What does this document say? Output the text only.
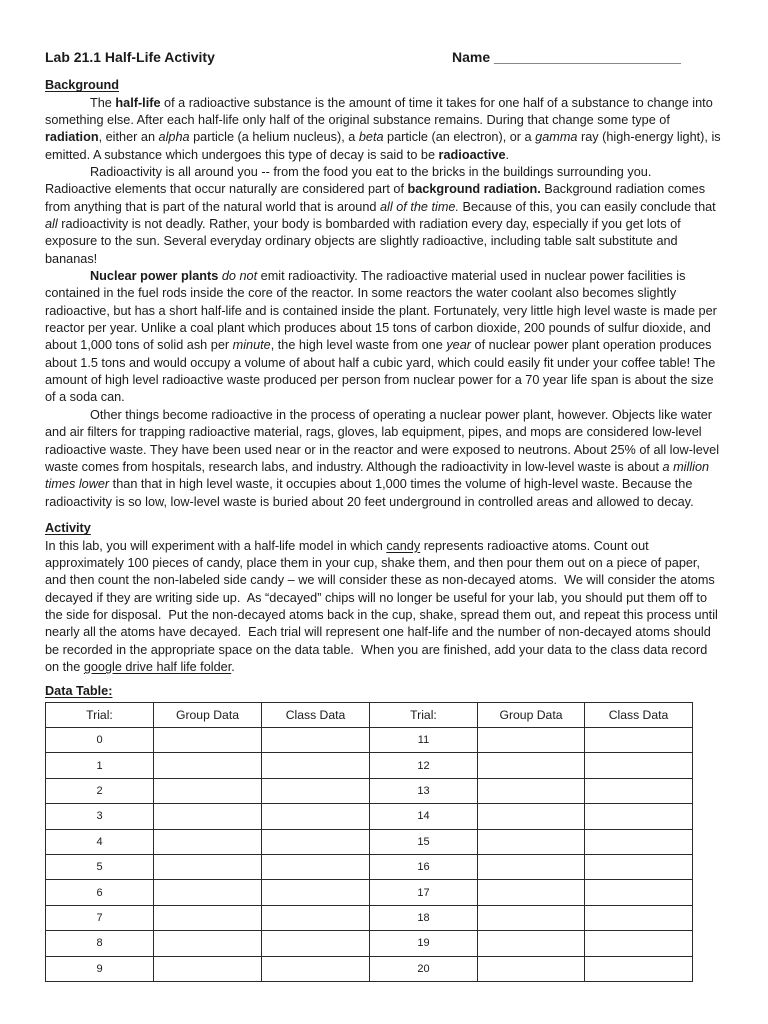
Lab 21.1 Half-Life Activity	Name ________________________
Background
The half-life of a radioactive substance is the amount of time it takes for one half of a substance to change into
something else. After each half-life only half of the original substance remains. During that change some type of
radiation, either an alpha particle (a helium nucleus), a beta particle (an electron), or a gamma ray (high-energy light), is
emitted. A substance which undergoes this type of decay is said to be radioactive.
Radioactivity is all around you -- from the food you eat to the bricks in the buildings surrounding you.
Radioactive elements that occur naturally are considered part of background radiation. Background radiation comes
from anything that is part of the natural world that is around all of the time. Because of this, you can easily conclude that
all radioactivity is not deadly. Rather, your body is bombarded with radiation every day, especially if you get lots of
exposure to the sun. Several everyday ordinary objects are slightly radioactive, including table salt substitute and
bananas!
Nuclear power plants do not emit radioactivity. The radioactive material used in nuclear power facilities is
contained in the fuel rods inside the core of the reactor. In some reactors the water coolant also becomes slightly
radioactive, but has a short half-life and is contained inside the plant. Fortunately, very little high level waste is made per
reactor per year. Unlike a coal plant which produces about 15 tons of carbon dioxide, 200 pounds of sulfur dioxide, and
about 1,000 tons of solid ash per minute, the high level waste from one year of nuclear power plant operation produces
about 1.5 tons and would occupy a volume of about half a cubic yard, which could easily fit under your coffee table! The
amount of high level radioactive waste produced per person from nuclear power for a 70 year life span is about the size
of a soda can.
Other things become radioactive in the process of operating a nuclear power plant, however. Objects like water
and air filters for trapping radioactive material, rags, gloves, lab equipment, pipes, and mops are considered low-level
radioactive waste. They have been used near or in the reactor and were exposed to neutrons. About 25% of all low-level
waste comes from hospitals, research labs, and industry. Although the radioactivity in low-level waste is about a million
times lower than that in high level waste, it occupies about 1,000 times the volume of high-level waste. Because the
radioactivity is so low, low-level waste is buried about 20 feet underground in controlled areas and allowed to decay.
Activity
In this lab, you will experiment with a half-life model in which candy represents radioactive atoms. Count out
approximately 100 pieces of candy, place them in your cup, shake them, and then pour them out on a piece of paper,
and then count the non-labeled side candy – we will consider these as non-decayed atoms.  We will consider the atoms
decayed if they are writing side up.  As “decayed” chips will no longer be useful for your lab, you should put them off to
the side for disposal.  Put the non-decayed atoms back in the cup, shake, spread them out, and repeat this process until
nearly all the atoms have decayed.  Each trial will represent one half-life and the number of non-decayed atoms should
be recorded in the appropriate space on the data table.  When you are finished, add your data to the class data record
on the google drive half life folder.
Data Table:
Trial:	Group Data	Class Data	Trial:	Group Data	Class Data
0			11		
1			12		
2			13		
3			14		
4			15		
5			16		
6			17		
7			18		
8			19		
9			20		
